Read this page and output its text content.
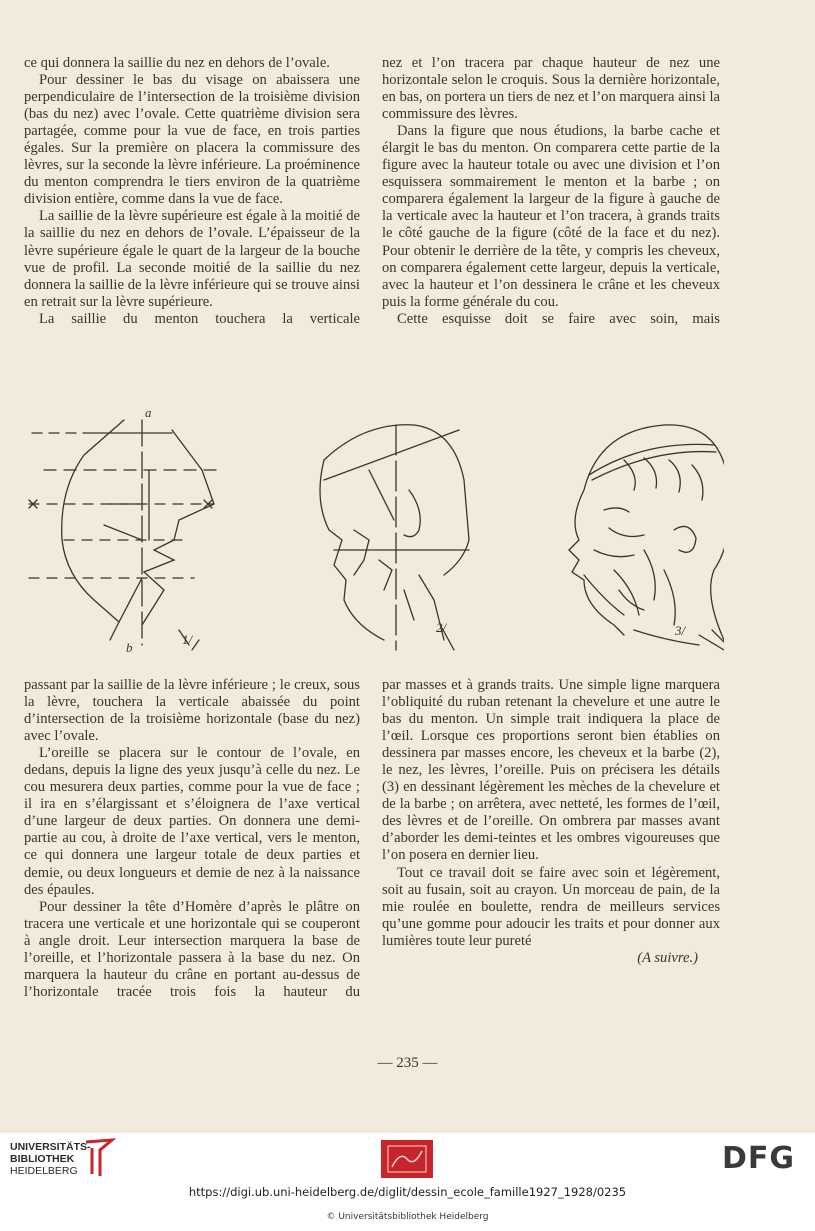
ce qui donnera la saillie du nez en dehors de l’ovale.

Pour dessiner le bas du visage on abaissera une perpendiculaire de l’intersection de la troisième division (bas du nez) avec l’ovale. Cette quatrième division sera partagée, comme pour la vue de face, en trois parties égales. Sur la première on placera la commissure des lèvres, sur la seconde la lèvre inférieure. La proéminence du menton comprendra le tiers environ de la quatrième division entière, comme dans la vue de face.

La saillie de la lèvre supérieure est égale à la moitié de la saillie du nez en dehors de l’ovale. L’épaisseur de la lèvre supérieure égale le quart de la largeur de la bouche vue de profil. La seconde moitié de la saillie du nez donnera la saillie de la lèvre inférieure qui se trouve ainsi en retrait sur la lèvre supérieure.

La saillie du menton touchera la verticale

nez et l’on tracera par chaque hauteur de nez une horizontale selon le croquis. Sous la dernière horizontale, en bas, on portera un tiers de nez et l’on marquera ainsi la commissure des lèvres.

Dans la figure que nous étudions, la barbe cache et élargit le bas du menton. On comparera cette partie de la figure avec la hauteur totale ou avec une division et l’on esquissera sommairement le menton et la barbe ; on comparera également la largeur de la figure à gauche de la verticale avec la hauteur et l’on tracera, à grands traits le côté gauche de la figure (côté de la face et du nez). Pour obtenir le derrière de la tête, y compris les cheveux, on comparera également cette largeur, depuis la verticale, avec la hauteur et l’on dessinera le crâne et les cheveux puis la forme générale du cou.

Cette esquisse doit se faire avec soin, mais

a
b
1/
2/	3/

passant par la saillie de la lèvre inférieure ; le creux, sous la lèvre, touchera la verticale abaissée du point d’intersection de la troisième horizontale (base du nez) avec l’ovale.

L’oreille se placera sur le contour de l’ovale, en dedans, depuis la ligne des yeux jusqu’à celle du nez. Le cou mesurera deux parties, comme pour la vue de face ; il ira en s’élargissant et s’éloignera de l’axe vertical d’une largeur de deux parties. On donnera une demi-partie au cou, à droite de l’axe vertical, vers le menton, ce qui donnera une largeur totale de deux parties et demie, ou deux longueurs et demie de nez à la naissance des épaules.

Pour dessiner la tête d’Homère d’après le plâtre on tracera une verticale et une horizontale qui se couperont à angle droit. Leur intersection marquera la base de l’oreille, et l’horizontale passera à la base du nez. On marquera la hauteur du crâne en portant au-dessus de l’horizontale tracée trois fois la hauteur du

par masses et à grands traits. Une simple ligne marquera l’obliquité du ruban retenant la chevelure et une autre le bas du menton. Un simple trait indiquera la place de l’œil. Lorsque ces proportions seront bien établies on dessinera par masses encore, les cheveux et la barbe (2), le nez, les lèvres, l’oreille. Puis on précisera les détails (3) en dessinant légèrement les mèches de la chevelure et de la barbe ; on arrêtera, avec netteté, les formes de l’œil, des lèvres et de l’oreille. On ombrera par masses avant d’aborder les demi-teintes et les ombres vigoureuses que l’on posera en dernier lieu.

Tout ce travail doit se faire avec soin et légèrement, soit au fusain, soit au crayon. Un morceau de pain, de la mie roulée en boulette, rendra de meilleurs services qu’une gomme pour adoucir les traits et pour donner aux lumières toute leur pureté

(A suivre.)

— 235 —
UNIVERSITÄTS-
BIBLIOTHEK
HEIDELBERG	DFG
https://digi.ub.uni-heidelberg.de/diglit/dessin_ecole_famille1927_1928/0235
© Universitätsbibliothek Heidelberg
